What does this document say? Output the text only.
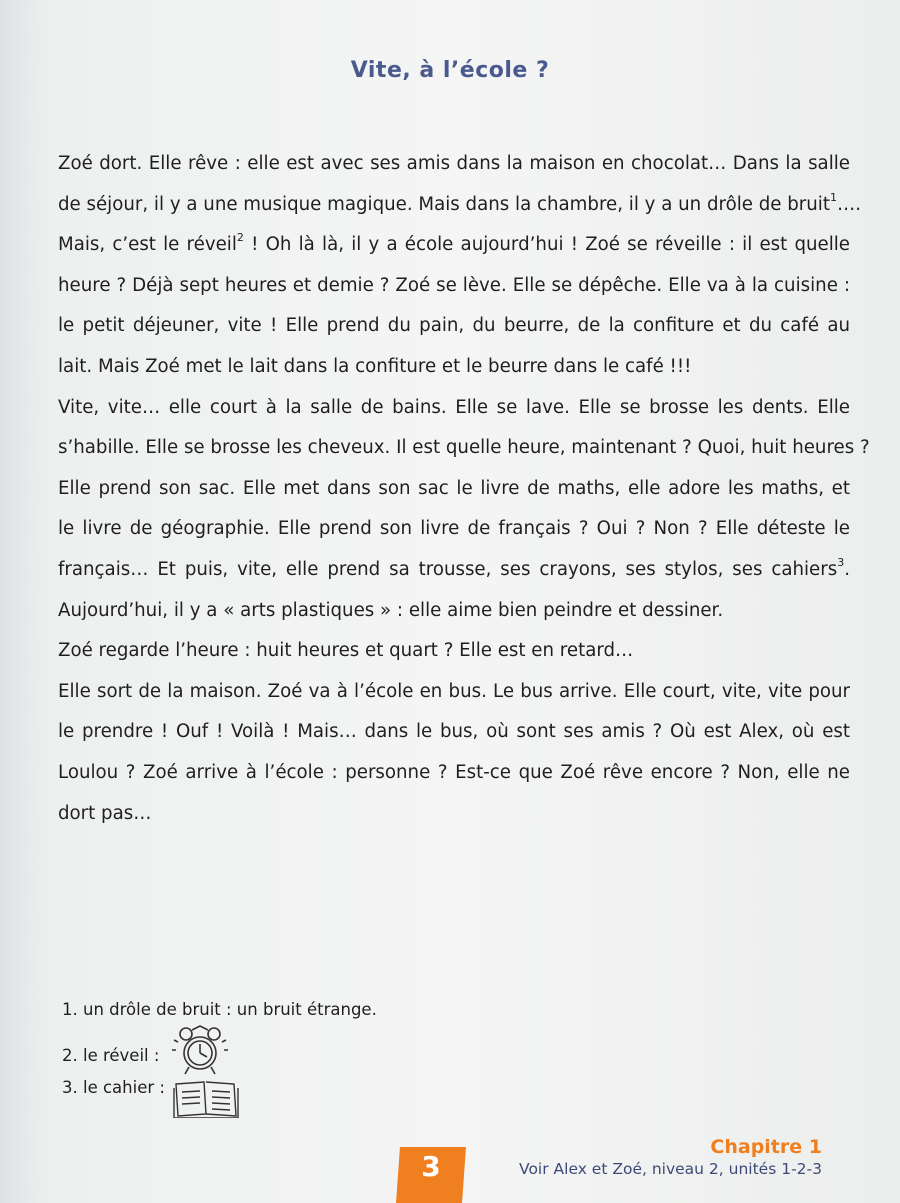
Vite, à l’école ?
Zoé dort. Elle rêve : elle est avec ses amis dans la maison en chocolat… Dans la salle
de séjour, il y a une musique magique. Mais dans la chambre, il y a un drôle de bruit$^1$….
Mais, c’est le réveil$^2$ ! Oh là là, il y a école aujourd’hui ! Zoé se réveille : il est quelle
heure ? Déjà sept heures et demie ? Zoé se lève. Elle se dépêche. Elle va à la cuisine :
le petit déjeuner, vite ! Elle prend du pain, du beurre, de la confiture et du café au
lait. Mais Zoé met le lait dans la confiture et le beurre dans le café !!!
Vite, vite… elle court à la salle de bains. Elle se lave. Elle se brosse les dents. Elle
s’habille. Elle se brosse les cheveux. Il est quelle heure, maintenant ? Quoi, huit heures ?
Elle prend son sac. Elle met dans son sac le livre de maths, elle adore les maths, et
le livre de géographie. Elle prend son livre de français ? Oui ? Non ? Elle déteste le
français… Et puis, vite, elle prend sa trousse, ses crayons, ses stylos, ses cahiers$^3$.
Aujourd’hui, il y a « arts plastiques » : elle aime bien peindre et dessiner.
Zoé regarde l’heure : huit heures et quart ? Elle est en retard…
Elle sort de la maison. Zoé va à l’école en bus. Le bus arrive. Elle court, vite, vite pour
le prendre ! Ouf ! Voilà ! Mais… dans le bus, où sont ses amis ? Où est Alex, où est
Loulou ? Zoé arrive à l’école : personne ? Est-ce que Zoé rêve encore ? Non, elle ne
dort pas…
1. un drôle de bruit : un bruit étrange.
2. le réveil :
3. le cahier :
3
Chapitre 1
Voir Alex et Zoé, niveau 2, unités 1-2-3
